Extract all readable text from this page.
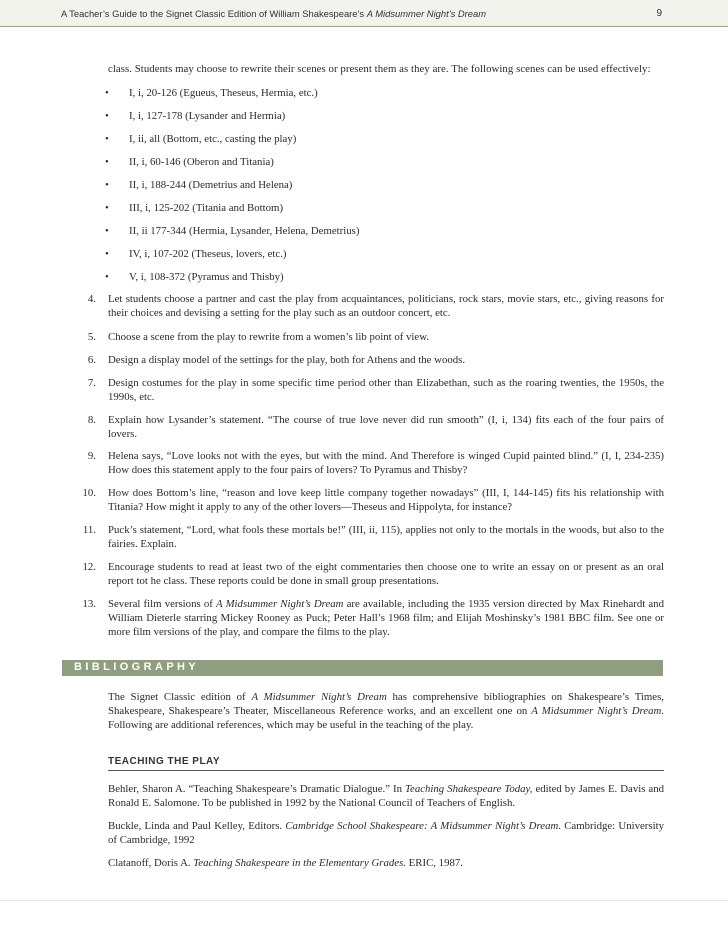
A Teacher’s Guide to the Signet Classic Edition of William Shakespeare’s A Midsummer Night’s Dream	9
class. Students may choose to rewrite their scenes or present them as they are. The following scenes can be used effectively:
• I, i, 20-126 (Egueus, Theseus, Hermia, etc.)
• I, i, 127-178 (Lysander and Hermia)
• I, ii, all (Bottom, etc., casting the play)
• II, i, 60-146 (Oberon and Titania)
• II, i, 188-244 (Demetrius and Helena)
• III, i, 125-202 (Titania and Bottom)
• II, ii 177-344 (Hermia, Lysander, Helena, Demetrius)
• IV, i, 107-202 (Theseus, lovers, etc.)
• V, i, 108-372 (Pyramus and Thisby)
4. Let students choose a partner and cast the play from acquaintances, politicians, rock stars, movie stars, etc., giving reasons for their choices and devising a setting for the play such as an outdoor concert, etc.
5. Choose a scene from the play to rewrite from a women’s lib point of view.
6. Design a display model of the settings for the play, both for Athens and the woods.
7. Design costumes for the play in some specific time period other than Elizabethan, such as the roaring twenties, the 1950s, the 1990s, etc.
8. Explain how Lysander’s statement. “The course of true love never did run smooth” (I, i, 134) fits each of the four pairs of lovers.
9. Helena says, “Love looks not with the eyes, but with the mind. And Therefore is winged Cupid painted blind.” (I, I, 234-235) How does this statement apply to the four pairs of lovers? To Pyramus and Thisby?
10. How does Bottom’s line, “reason and love keep little company together nowadays” (III, I, 144-145) fits his relationship with Titania? How might it apply to any of the other lovers—Theseus and Hippolyta, for instance?
11. Puck’s statement, “Lord, what fools these mortals be!” (III, ii, 115), applies not only to the mortals in the woods, but also to the fairies. Explain.
12. Encourage students to read at least two of the eight commentaries then choose one to write an essay on or present as an oral report tot he class. These reports could be done in small group presentations.
13. Several film versions of A Midsummer Night’s Dream are available, including the 1935 version directed by Max Rinehardt and William Dieterle starring Mickey Rooney as Puck; Peter Hall’s 1968 film; and Elijah Moshinsky’s 1981 BBC film. See one or more film versions of the play, and compare the films to the play.
BIBLIOGRAPHY
The Signet Classic edition of A Midsummer Night’s Dream has comprehensive bibliographies on Shakespeare’s Times, Shakespeare, Shakespeare’s Theater, Miscellaneous Reference works, and an excellent one on A Midsummer Night’s Dream. Following are additional references, which may be useful in the teaching of the play.
TEACHING THE PLAY
Behler, Sharon A. “Teaching Shakespeare’s Dramatic Dialogue.” In Teaching Shakespeare Today, edited by James E. Davis and Ronald E. Salomone. To be published in 1992 by the National Council of Teachers of English.
Buckle, Linda and Paul Kelley, Editors. Cambridge School Shakespeare: A Midsummer Night’s Dream. Cambridge: University of Cambridge, 1992
Clatanoff, Doris A. Teaching Shakespeare in the Elementary Grades. ERIC, 1987.
